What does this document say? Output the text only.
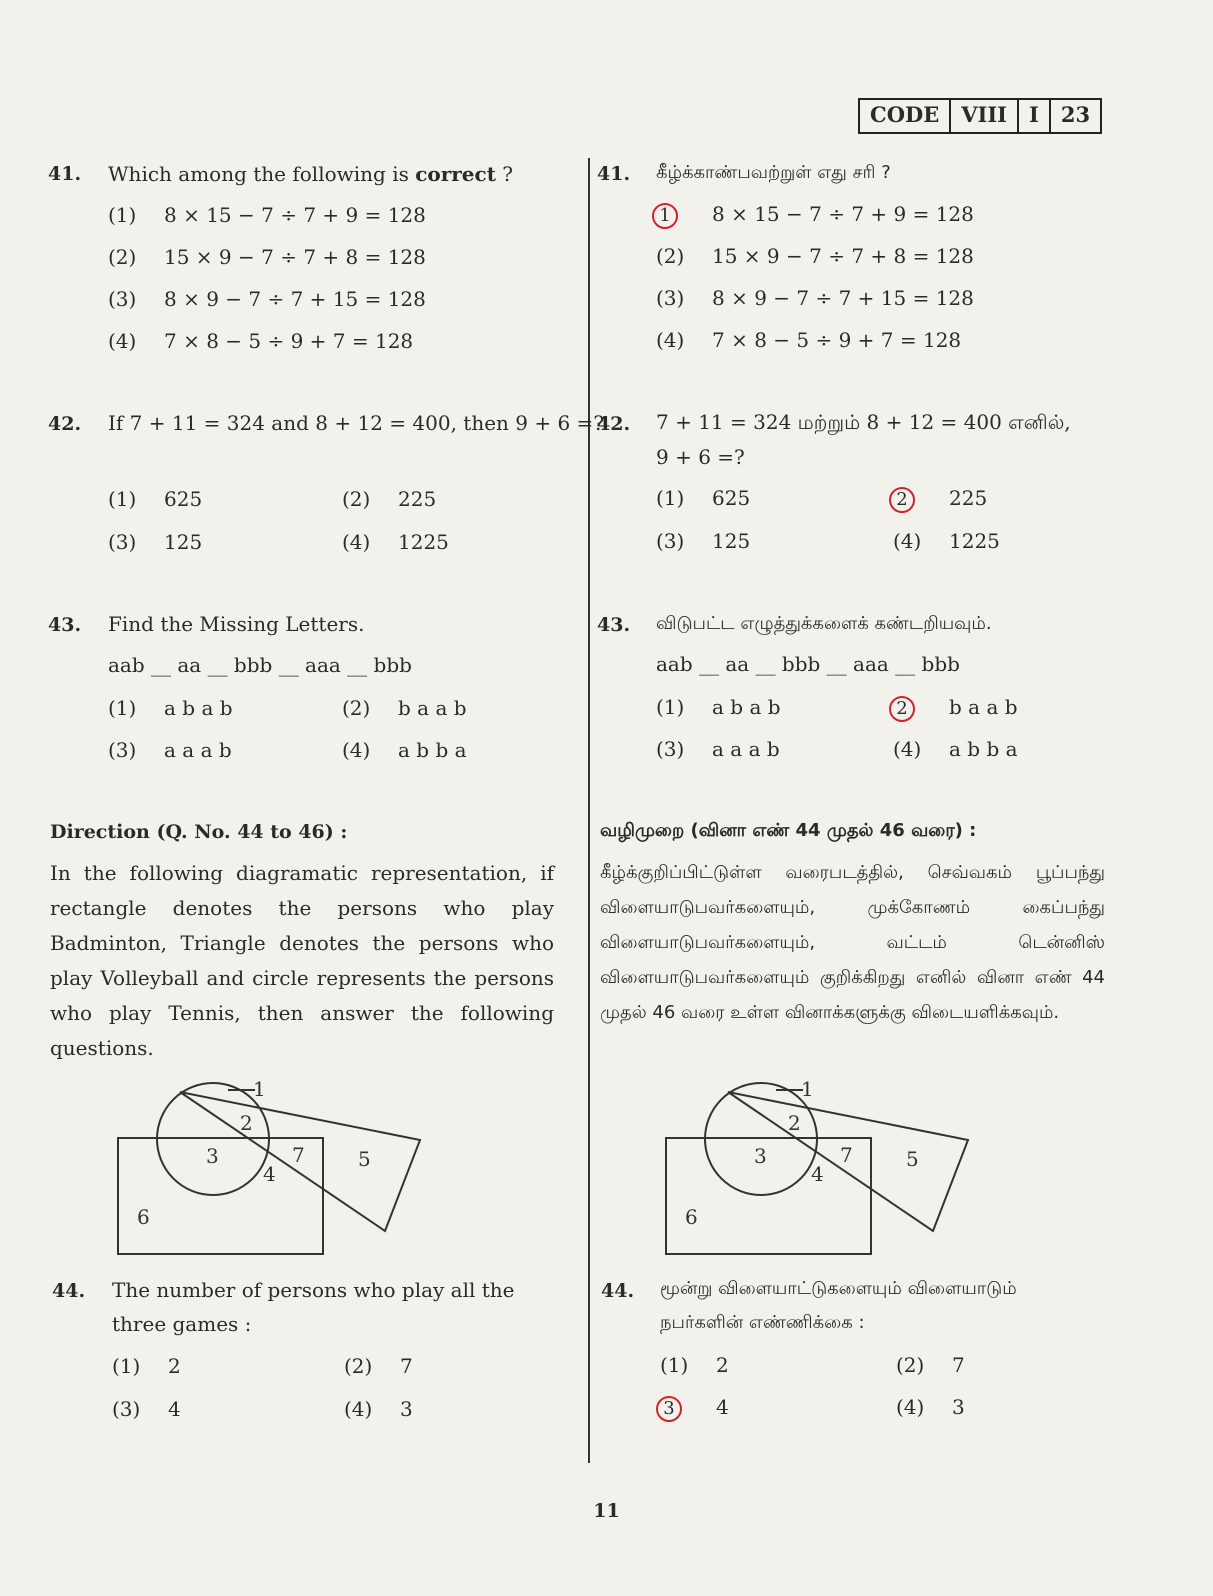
CODE	VIII	I	23
41. Which among the following is correct ?
(1) 8 × 15 − 7 ÷ 7 + 9 = 128
(2) 15 × 9 − 7 ÷ 7 + 8 = 128
(3) 8 × 9 − 7 ÷ 7 + 15 = 128
(4) 7 × 8 − 5 ÷ 9 + 7 = 128
42. If 7 + 11 = 324 and 8 + 12 = 400, then 9 + 6 =?
(1) 625	(2) 225
(3) 125	(4) 1225
43. Find the Missing Letters.
aab __ aa __ bbb __ aaa __ bbb
(1) a b a b	(2) b a a b
(3) a a a b	(4) a b b a
Direction (Q. No. 44 to 46) :
In the following diagramatic representation, if rectangle denotes the persons who play Badminton, Triangle denotes the persons who play Volleyball and circle represents the persons who play Tennis, then answer the following questions.
1
2
3
4
5
6
7
44. The number of persons who play all the three games :
(1) 2	(2) 7
(3) 4	(4) 3
41. கீழ்க்காண்பவற்றுள் எது சரி ?
1 8 × 15 − 7 ÷ 7 + 9 = 128
(2) 15 × 9 − 7 ÷ 7 + 8 = 128
(3) 8 × 9 − 7 ÷ 7 + 15 = 128
(4) 7 × 8 − 5 ÷ 9 + 7 = 128
42. 7 + 11 = 324 மற்றும் 8 + 12 = 400 எனில்,
9 + 6 =?
(1) 625	2 225
(3) 125	(4) 1225
43. விடுபட்ட எழுத்துக்களைக் கண்டறியவும்.
aab __ aa __ bbb __ aaa __ bbb
(1) a b a b	2 b a a b
(3) a a a b	(4) a b b a
வழிமுறை (வினா எண் 44 முதல் 46 வரை) :
கீழ்க்குறிப்பிட்டுள்ள வரைபடத்தில், செவ்வகம் பூப்பந்து விளையாடுபவர்களையும், முக்கோணம் கைப்பந்து விளையாடுபவர்களையும், வட்டம் டென்னிஸ் விளையாடுபவர்களையும் குறிக்கிறது எனில் வினா எண் 44 முதல் 46 வரை உள்ள வினாக்களுக்கு விடையளிக்கவும்.
1
2
3
4
5
6
7
44. மூன்று விளையாட்டுகளையும் விளையாடும் நபர்களின் எண்ணிக்கை :
(1) 2	(2) 7
3 4	(4) 3
11
